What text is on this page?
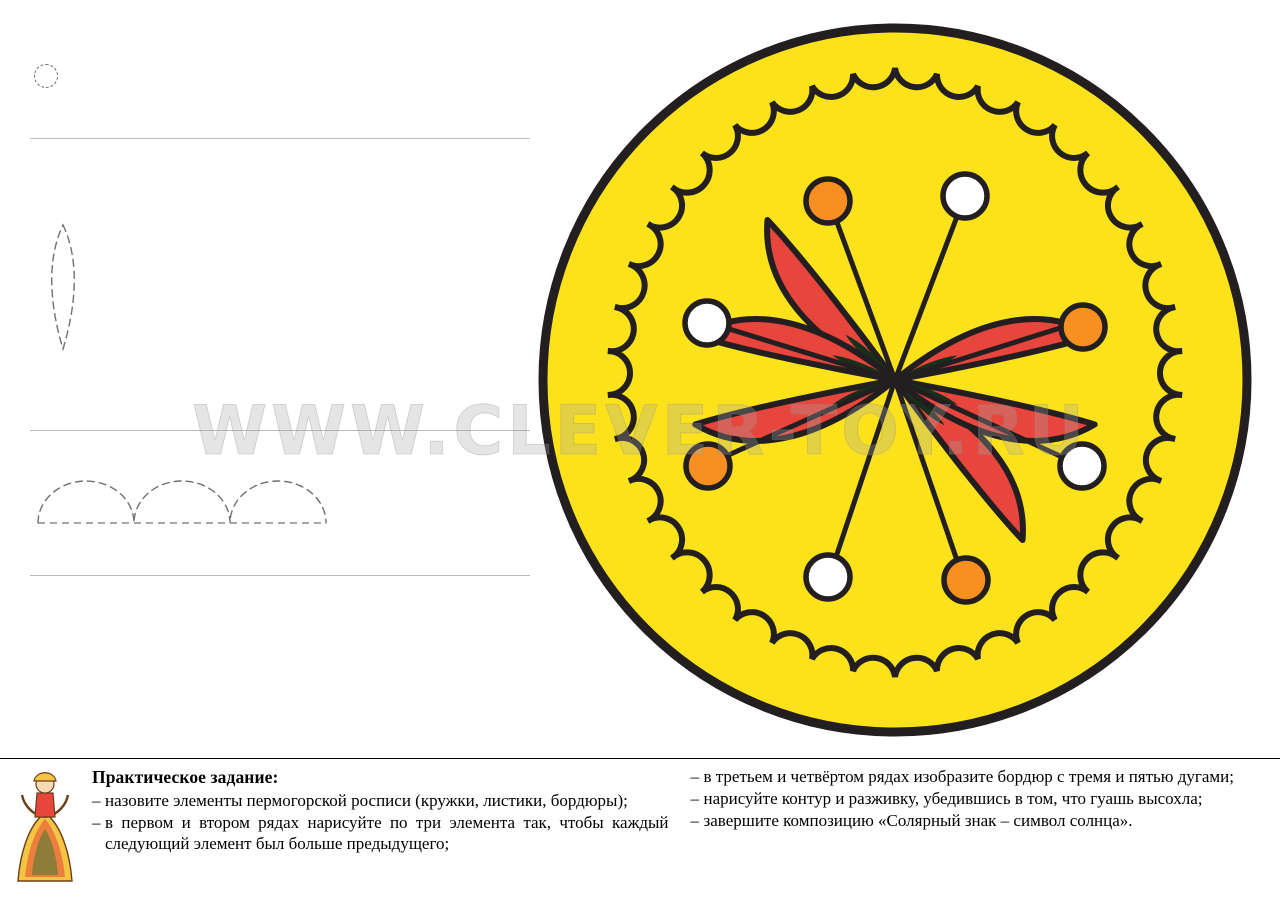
WWW.CLEVER-TOY.RU
Практическое задание:

– назовите элементы пермогорской росписи (кружки, листики, бордюры);

– в первом и втором рядах нарисуйте по три элемента так, чтобы каждый следующий элемент был больше предыдущего;

– в третьем и четвёртом рядах изобразите бордюр с тремя и пятью дугами;

– нарисуйте контур и разживку, убедившись в том, что гуашь высохла;

– завершите композицию «Солярный знак – символ солнца».
